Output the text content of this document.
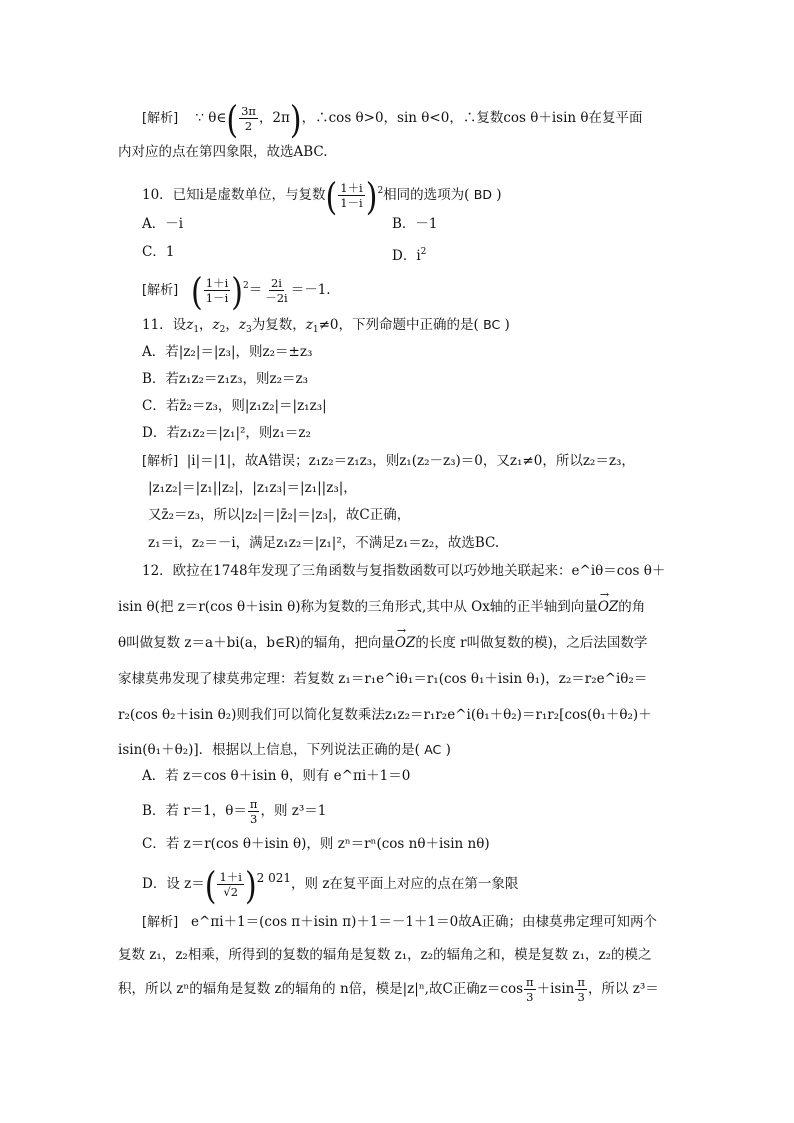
[解析] ∵ θ∈( $\frac{3\pi}{2}$ ，2π)，∴cos θ>0，sin θ<0，∴复数cos θ＋isin θ在复平面
内对应的点在第四象限，故选ABC.
10．已知i是虚数单位，与复数( $\frac{1+i}{1-i} )^2$相同的选项为( BD )
A．－i	B．－1
C．1	D．$i^2$
[解析] ( $\frac{1+i}{1-i} )^2= \frac{2i}{-2i} =-1$.
11．设$z_1$，$z_2$，$z_3$为复数，$z_1\ne 0$，下列命题中正确的是( BC )
A．若|z₂|＝|z₃|，则z₂＝±z₃
B．若z₁z₂＝z₁z₃，则z₂＝z₃
C．若z̄₂＝z₃，则|z₁z₂|＝|z₁z₃|
D．若z₁z₂＝|z₁|²，则z₁＝z₂
[解析] |i|＝|1|，故A错误；z₁z₂＝z₁z₃，则z₁(z₂－z₃)＝0，又z₁≠0，所以z₂＝z₃，
|z₁z₂|＝|z₁||z₂|，|z₁z₃|＝|z₁||z₃|，
又z̄₂＝z₃，所以|z₂|＝|z̄₂|＝|z₃|，故C正确，
z₁＝i，z₂＝－i，满足z₁z₂＝|z₁|²，不满足z₁＝z₂，故选BC.
12．欧拉在1748年发现了三角函数与复指数函数可以巧妙地关联起来：e^iθ＝cos θ＋
isin θ(把 z＝r(cos θ＋isin θ)称为复数的三角形式,其中从 Ox轴的正半轴到向量→ OZ的角
θ叫做复数 z＝a＋bi(a，b∈R)的辐角，把向量→ OZ的长度 r叫做复数的模)，之后法国数学
家棣莫弗发现了棣莫弗定理：若复数 z₁＝r₁e^iθ₁＝r₁(cos θ₁＋isin θ₁)，z₂＝r₂e^iθ₂＝
r₂(cos θ₂＋isin θ₂)则我们可以简化复数乘法z₁z₂＝r₁r₂e^i(θ₁＋θ₂)＝r₁r₂[cos(θ₁＋θ₂)＋
isin(θ₁＋θ₂)]．根据以上信息，下列说法正确的是( AC )
A．若 z＝cos θ＋isin θ，则有 e^πi＋1＝0
B．若 r＝1，$\theta= \frac{\pi}{3}$ ，则 z³＝1
C．若 z＝r(cos θ＋isin θ)，则 zⁿ＝rⁿ(cos nθ＋isin nθ)
D．设 $z=( \frac{1+i}{√2} )2$ 021，则 z在复平面上对应的点在第一象限
[解析] e^πi＋1＝(cos π＋isin π)＋1＝－1＋1＝0故A正确；由棣莫弗定理可知两个
复数 z₁，z₂相乘，所得到的复数的辐角是复数 z₁，z₂的辐角之和，模是复数 z₁，z₂的模之
积，所以 zⁿ的辐角是复数 z的辐角的 n倍，模是|z|ⁿ,故C正确$z=\cos \frac{\pi}{3} +isin \frac{\pi}{3}$ ，所以 z³＝
